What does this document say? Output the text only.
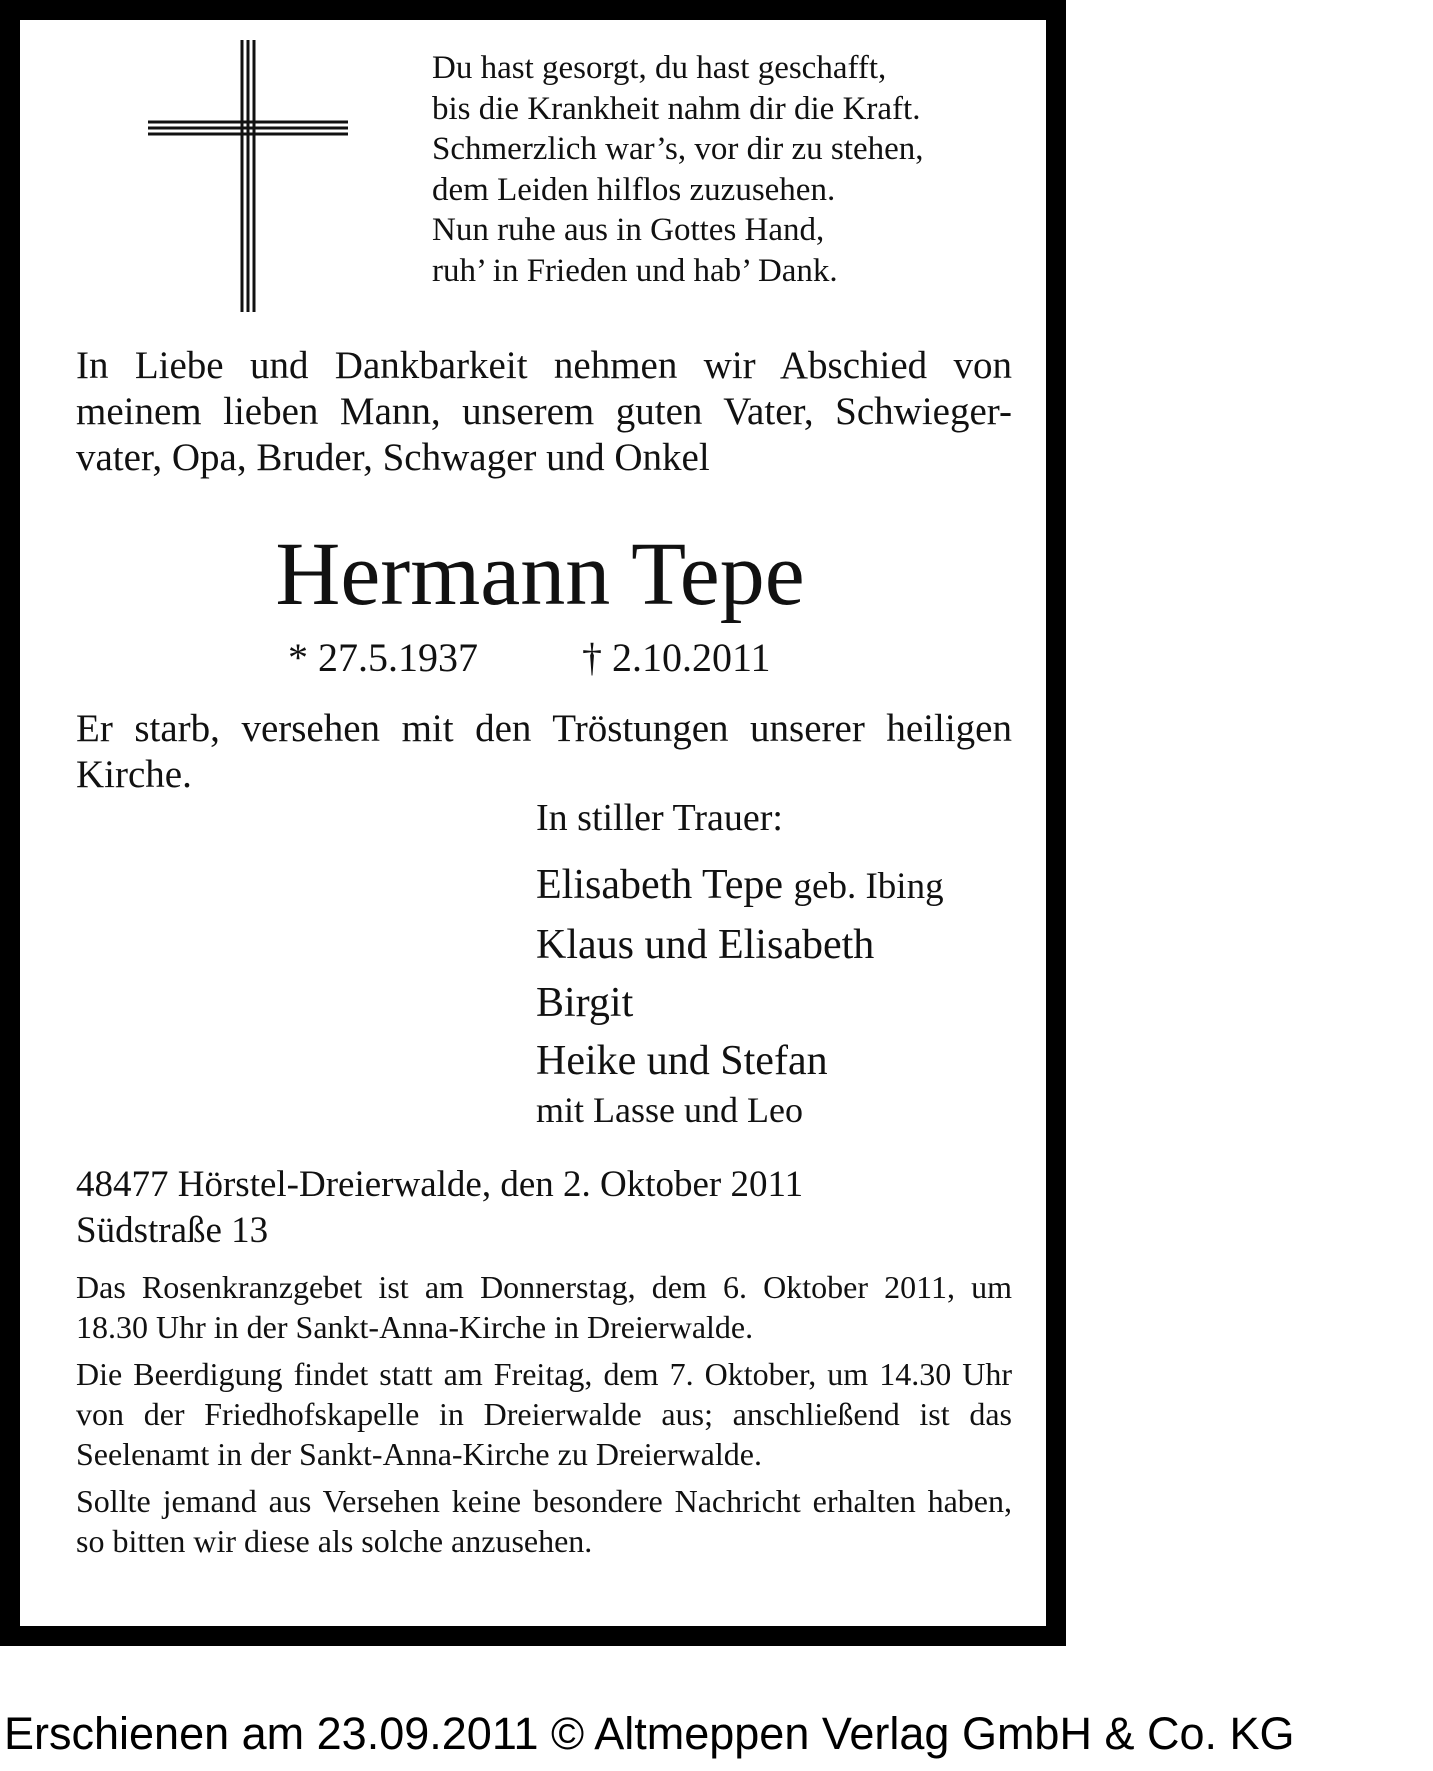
Du hast gesorgt, du hast geschafft,
bis die Krankheit nahm dir die Kraft.
Schmerzlich war’s, vor dir zu stehen,
dem Leiden hilflos zuzusehen.
Nun ruhe aus in Gottes Hand,
ruh’ in Frieden und hab’ Dank.
In Liebe und Dankbarkeit nehmen wir Abschied von
meinem lieben Mann, unserem guten Vater, Schwieger-
vater, Opa, Bruder, Schwager und Onkel
Hermann Tepe
* 27.5.1937	† 2.10.2011
Er starb, versehen mit den Tröstungen unserer heiligen
Kirche.
In stiller Trauer:
Elisabeth Tepe geb. Ibing
Klaus und Elisabeth
Birgit
Heike und Stefan
mit Lasse und Leo
48477 Hörstel-Dreierwalde, den 2. Oktober 2011
Südstraße 13

Das Rosenkranzgebet ist am Donnerstag, dem 6. Oktober 2011, um 18.30 Uhr in der Sankt-Anna-Kirche in Dreierwalde.

Die Beerdigung findet statt am Freitag, dem 7. Oktober, um 14.30 Uhr von der Friedhofskapelle in Dreierwalde aus; anschließend ist das Seelenamt in der Sankt-Anna-Kirche zu Dreierwalde.

Sollte jemand aus Versehen keine besondere Nachricht erhalten haben, so bitten wir diese als solche anzusehen.

Erschienen am 23.09.2011 © Altmeppen Verlag GmbH & Co. KG
